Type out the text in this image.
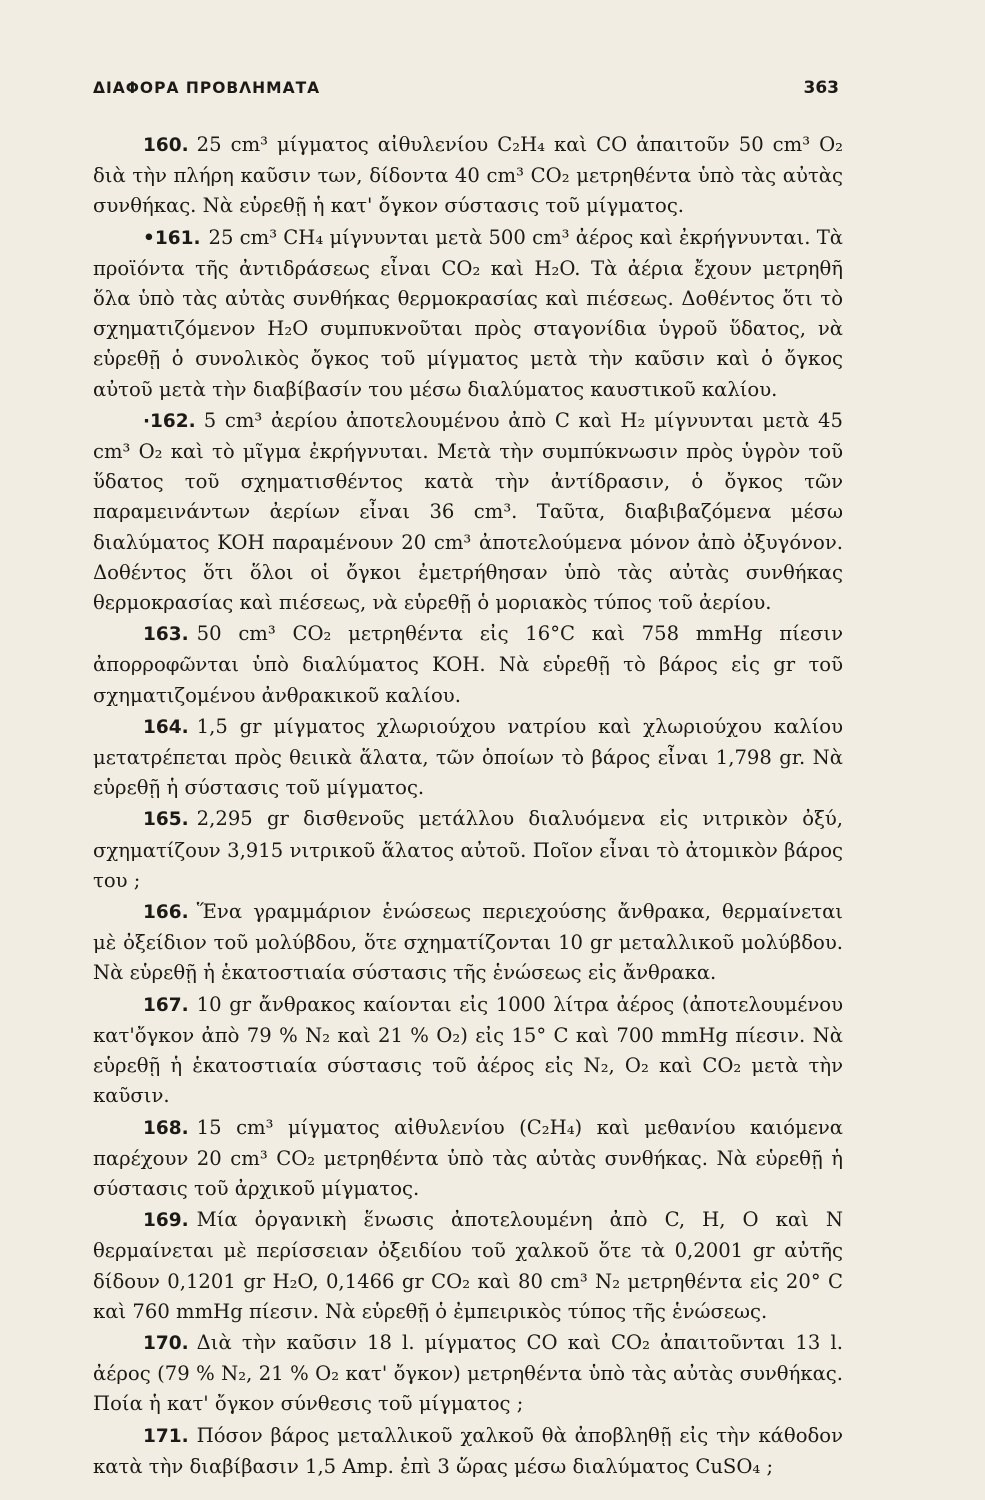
ΔΙΑΦΟΡΑ ΠΡΟΒΛΗΜΑΤΑ	363

160. 25 cm³ μίγματος αἰθυλενίου C₂H₄ καὶ CO ἀπαιτοῦν 50 cm³ O₂ διὰ τὴν πλήρη καῦσιν των, δίδοντα 40 cm³ CO₂ μετρηθέντα ὑπὸ τὰς αὐτὰς συνθήκας. Νὰ εὑρεθῇ ἡ κατ' ὄγκον σύστασις τοῦ μίγματος.

•161. 25 cm³ CH₄ μίγνυνται μετὰ 500 cm³ ἀέρος καὶ ἐκρήγνυνται. Τὰ προϊόντα τῆς ἀντιδράσεως εἶναι CO₂ καὶ H₂O. Τὰ ἀέρια ἔχουν μετρηθῆ ὅλα ὑπὸ τὰς αὐτὰς συνθήκας θερμοκρασίας καὶ πιέσεως. Δοθέντος ὅτι τὸ σχηματιζόμενον H₂O συμπυκνοῦται πρὸς σταγονίδια ὑγροῦ ὕδατος, νὰ εὑρεθῇ ὁ συνολικὸς ὄγκος τοῦ μίγματος μετὰ τὴν καῦσιν καὶ ὁ ὄγκος αὐτοῦ μετὰ τὴν διαβίβασίν του μέσω διαλύματος καυστικοῦ καλίου.

·162. 5 cm³ ἀερίου ἀποτελουμένου ἀπὸ C καὶ H₂ μίγνυνται μετὰ 45 cm³ O₂ καὶ τὸ μῖγμα ἐκρήγνυται. Μετὰ τὴν συμπύκνωσιν πρὸς ὑγρὸν τοῦ ὕδατος τοῦ σχηματισθέντος κατὰ τὴν ἀντίδρασιν, ὁ ὄγκος τῶν παραμεινάντων ἀερίων εἶναι 36 cm³. Ταῦτα, διαβιβαζόμενα μέσω διαλύματος KOH παραμένουν 20 cm³ ἀποτελούμενα μόνον ἀπὸ ὀξυγόνον. Δοθέντος ὅτι ὅλοι οἱ ὄγκοι ἐμετρήθησαν ὑπὸ τὰς αὐτὰς συνθήκας θερμοκρασίας καὶ πιέσεως, νὰ εὑρεθῇ ὁ μοριακὸς τύπος τοῦ ἀερίου.

163. 50 cm³ CO₂ μετρηθέντα εἰς 16°C καὶ 758 mmHg πίεσιν ἀπορροφῶνται ὑπὸ διαλύματος KOH. Νὰ εὑρεθῇ τὸ βάρος εἰς gr τοῦ σχηματιζομένου ἀνθρακικοῦ καλίου.

164. 1,5 gr μίγματος χλωριούχου νατρίου καὶ χλωριούχου καλίου μετατρέπεται πρὸς θειικὰ ἅλατα, τῶν ὁποίων τὸ βάρος εἶναι 1,798 gr. Νὰ εὑρεθῇ ἡ σύστασις τοῦ μίγματος.

165. 2,295 gr δισθενοῦς μετάλλου διαλυόμενα εἰς νιτρικὸν ὀξύ, σχηματίζουν 3,915 νιτρικοῦ ἅλατος αὐτοῦ. Ποῖον εἶναι τὸ ἀτομικὸν βάρος του ;

166. Ἕνα γραμμάριον ἑνώσεως περιεχούσης ἄνθρακα, θερμαίνεται μὲ ὀξείδιον τοῦ μολύβδου, ὅτε σχηματίζονται 10 gr μεταλλικοῦ μολύβδου. Νὰ εὑρεθῇ ἡ ἑκατοστιαία σύστασις τῆς ἑνώσεως εἰς ἄνθρακα.

167. 10 gr ἄνθρακος καίονται εἰς 1000 λίτρα ἀέρος (ἀποτελουμένου κατ'ὄγκον ἀπὸ 79 % N₂ καὶ 21 % O₂) εἰς 15° C καὶ 700 mmHg πίεσιν. Νὰ εὑρεθῇ ἡ ἑκατοστιαία σύστασις τοῦ ἀέρος εἰς N₂, O₂ καὶ CO₂ μετὰ τὴν καῦσιν.

168. 15 cm³ μίγματος αἰθυλενίου (C₂H₄) καὶ μεθανίου καιόμενα παρέχουν 20 cm³ CO₂ μετρηθέντα ὑπὸ τὰς αὐτὰς συνθήκας. Νὰ εὑρεθῇ ἡ σύστασις τοῦ ἀρχικοῦ μίγματος.

169. Μία ὀργανικὴ ἕνωσις ἀποτελουμένη ἀπὸ C, H, O καὶ N θερμαίνεται μὲ περίσσειαν ὀξειδίου τοῦ χαλκοῦ ὅτε τὰ 0,2001 gr αὐτῆς δίδουν 0,1201 gr H₂O, 0,1466 gr CO₂ καὶ 80 cm³ N₂ μετρηθέντα εἰς 20° C καὶ 760 mmHg πίεσιν. Νὰ εὑρεθῇ ὁ ἐμπειρικὸς τύπος τῆς ἑνώσεως.

170. Διὰ τὴν καῦσιν 18 l. μίγματος CO καὶ CO₂ ἀπαιτοῦνται 13 l. ἀέρος (79 % N₂, 21 % O₂ κατ' ὄγκον) μετρηθέντα ὑπὸ τὰς αὐτὰς συνθήκας. Ποία ἡ κατ' ὄγκον σύνθεσις τοῦ μίγματος ;

171. Πόσον βάρος μεταλλικοῦ χαλκοῦ θὰ ἀποβληθῇ εἰς τὴν κάθοδον κατὰ τὴν διαβίβασιν 1,5 Amp. ἐπὶ 3 ὥρας μέσω διαλύματος CuSO₄ ;
